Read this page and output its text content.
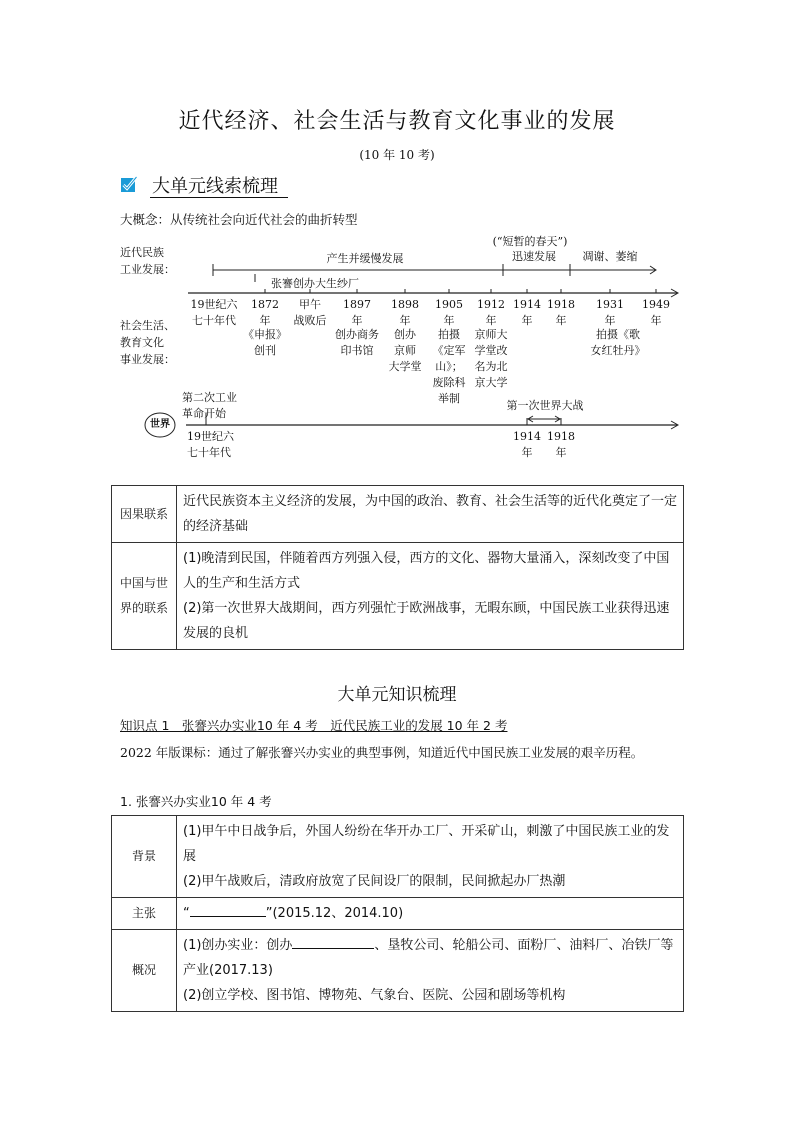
近代经济、社会生活与教育文化事业的发展
(10 年 10 考)
大单元线索梳理
大概念：从传统社会向近代社会的曲折转型
近代民族
工业发展：
社会生活、
教育文化
事业发展：
产生并缓慢发展
(“短暂的春天”)
迅速发展	凋谢、萎缩
张謇创办大生纱厂
19世纪六
七十年代
1872
年
甲午
战败后
1897
年
1898
年
1905
年
1912
年
1914
年
1918
年
1931
年
1949
年
《申报》
创刊
创办商务
印书馆
创办
京师
大学堂
拍摄
《定军
山》；
废除科
举制
京师大
学堂改
名为北
京大学
拍摄《歌
女红牡丹》
世界
第二次工业
革命开始
19世纪六
七十年代
第一次世界大战
1914
年
1918
年
因果联系	近代民族资本主义经济的发展，为中国的政治、教育、社会生活等的近代化奠定了一定的经济基础
中国与世界的联系	(1)晚清到民国，伴随着西方列强入侵，西方的文化、器物大量涌入，深刻改变了中国人的生产和生活方式
(2)第一次世界大战期间，西方列强忙于欧洲战事，无暇东顾，中国民族工业获得迅速发展的良机
大单元知识梳理
知识点 1　张謇兴办实业10 年 4 考　近代民族工业的发展 10 年 2 考
2022 年版课标：通过了解张謇兴办实业的典型事例，知道近代中国民族工业发展的艰辛历程。
1. 张謇兴办实业10 年 4 考
背景	(1)甲午中日战争后，外国人纷纷在华开办工厂、开采矿山，刺激了中国民族工业的发展
(2)甲午战败后，清政府放宽了民间设厂的限制，民间掀起办厂热潮

主张	“ ”(2015.12、2014.10)
概况	(1)创办实业：创办 、垦牧公司、轮船公司、面粉厂、油料厂、冶铁厂等产业(2017.13)
(2)创立学校、图书馆、博物苑、气象台、医院、公园和剧场等机构
